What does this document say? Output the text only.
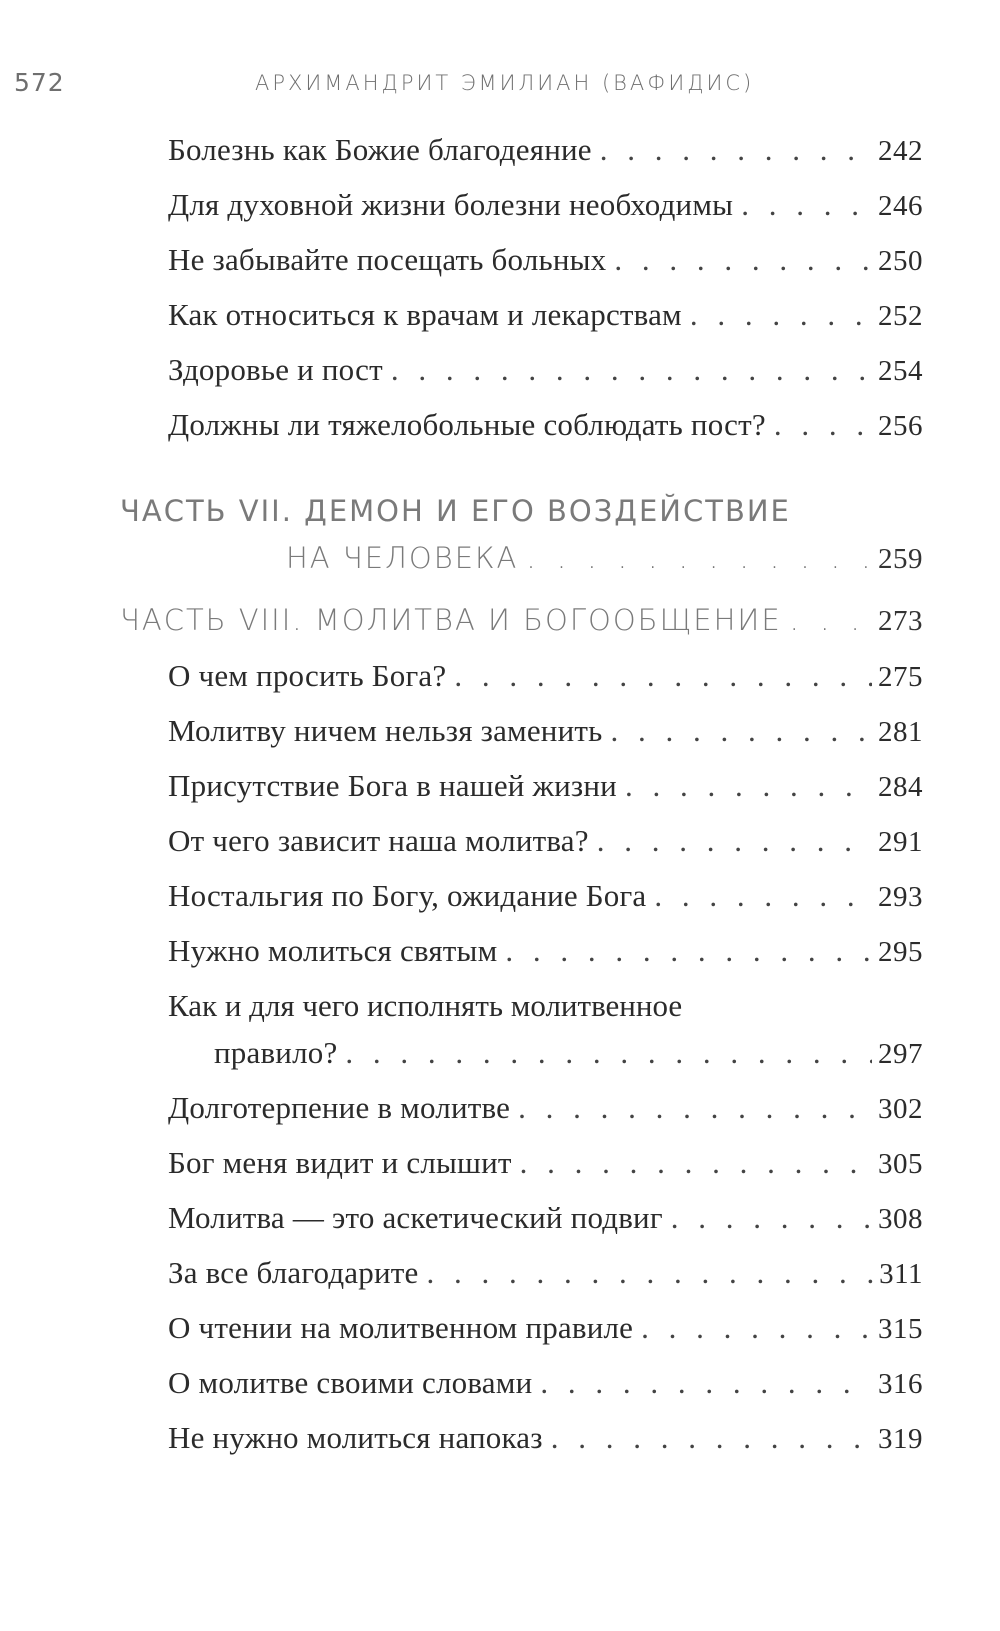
572	АРХИМАНДРИТ ЭМИЛИАН (ВАФИДИС)
Болезнь как Божие благодеяние . . .	242
Для духовной жизни болезни необходимы . . .	246
Не забывайте посещать больных . . .	250
Как относиться к врачам и лекарствам . . .	252
Здоровье и пост . . .	254
Должны ли тяжелобольные соблюдать пост? . . .	256
ЧАСТЬ VII. ДЕМОН И ЕГО ВОЗДЕЙСТВИЕ
НА ЧЕЛОВЕКА . . .	259
ЧАСТЬ VIII. МОЛИТВА И БОГООБЩЕНИЕ . . .	273
О чем просить Бога? . . .	275
Молитву ничем нельзя заменить . . .	281
Присутствие Бога в нашей жизни . . .	284
От чего зависит наша молитва? . . .	291
Ностальгия по Богу, ожидание Бога . . .	293
Нужно молиться святым . . .	295
Как и для чего исполнять молитвенное
правило? . . .	297
Долготерпение в молитве . . .	302
Бог меня видит и слышит . . .	305
Молитва — это аскетический подвиг . . .	308
За все благодарите . . .	311
О чтении на молитвенном правиле . . .	315
О молитве своими словами . . .	316
Не нужно молиться напоказ . . .	319
